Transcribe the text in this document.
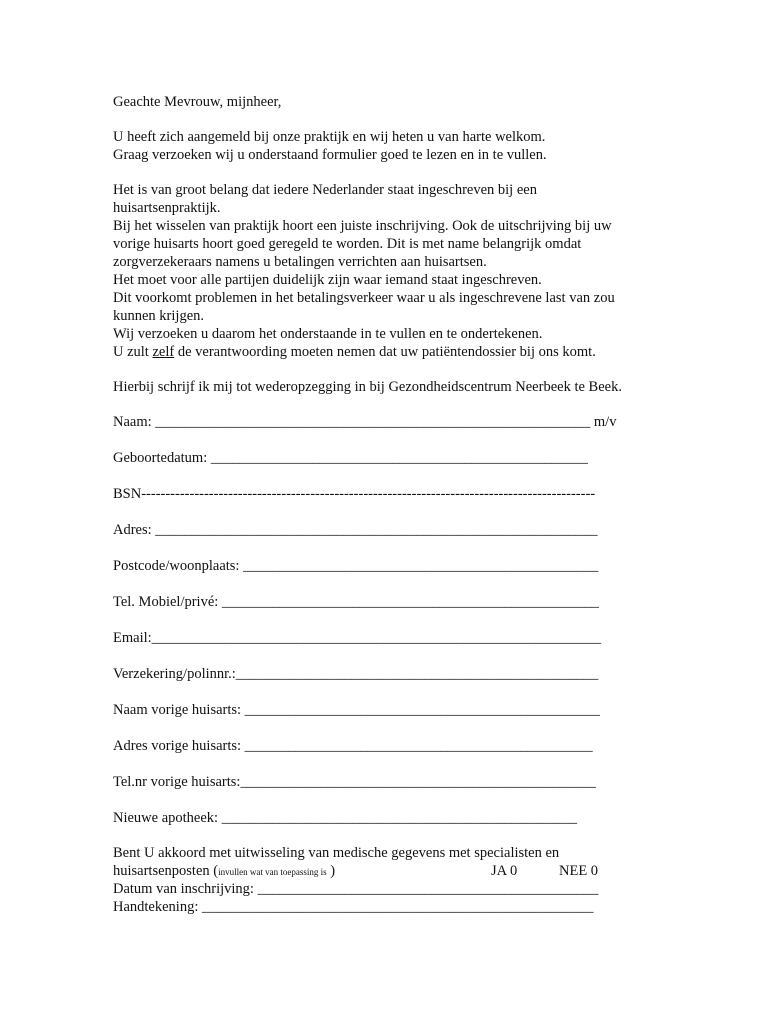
Geachte Mevrouw, mijnheer,
U heeft zich aangemeld bij onze praktijk en wij heten u van harte welkom.
Graag verzoeken wij u onderstaand formulier goed te lezen en in te vullen.
Het is van groot belang dat iedere Nederlander staat ingeschreven bij een
huisartsenpraktijk.
Bij het wisselen van praktijk hoort een juiste inschrijving. Ook de uitschrijving bij uw
vorige huisarts hoort goed geregeld te worden. Dit is met name belangrijk omdat
zorgverzekeraars namens u betalingen verrichten aan huisartsen.
Het moet voor alle partijen duidelijk zijn waar iemand staat ingeschreven.
Dit voorkomt problemen in het betalingsverkeer waar u als ingeschrevene last van zou
kunnen krijgen.
Wij verzoeken u daarom het onderstaande in te vullen en te ondertekenen.
U zult zelf de verantwoording moeten nemen dat uw patiëntendossier bij ons komt.
Hierbij schrijf ik mij tot wederopzegging in bij Gezondheidscentrum Neerbeek te Beek.
Naam: ____________________________________________________________ m/v
Geboortedatum: ____________________________________________________
BSN----------------------------------------------------------------------------------------------
Adres: _____________________________________________________________
Postcode/woonplaats: _________________________________________________
Tel. Mobiel/privé: ____________________________________________________
Email:______________________________________________________________
Verzekering/polinnr.:__________________________________________________
Naam vorige huisarts: _________________________________________________
Adres vorige huisarts: ________________________________________________
Tel.nr vorige huisarts:_________________________________________________
Nieuwe apotheek: _________________________________________________
Bent U akkoord met uitwisseling van medische gegevens met specialisten en
huisartsenposten (invullen wat van toepassing is )	JA 0	NEE 0
Datum van inschrijving: _______________________________________________
Handtekening: ______________________________________________________
